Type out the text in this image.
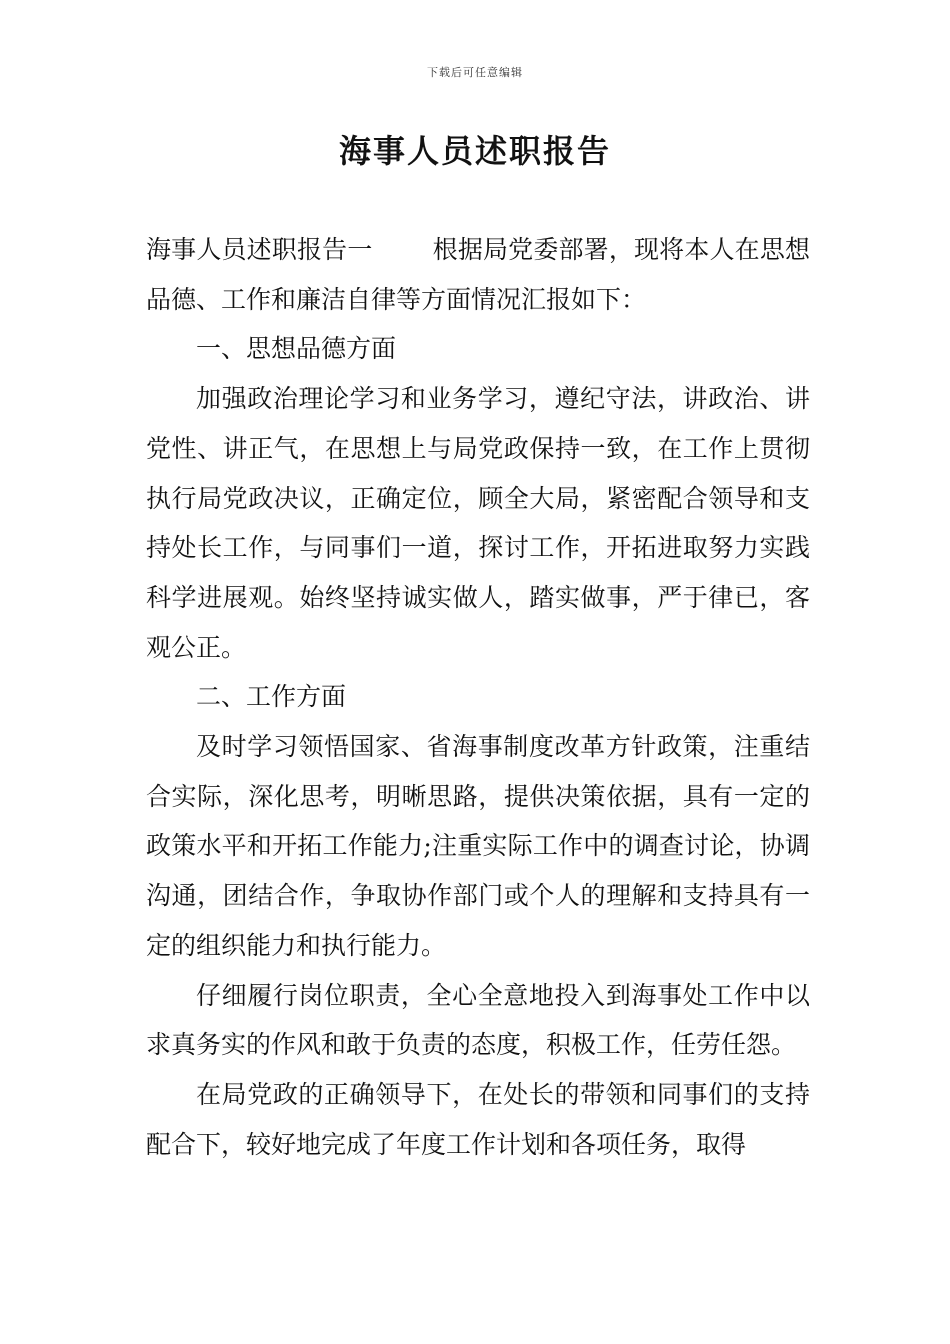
下载后可任意编辑
海事人员述职报告

海事人员述职报告一 根据局党委部署，现将本人在思想品德、工作和廉洁自律等方面情况汇报如下：

一、思想品德方面

加强政治理论学习和业务学习，遵纪守法，讲政治、讲党性、讲正气，在思想上与局党政保持一致，在工作上贯彻执行局党政决议，正确定位，顾全大局，紧密配合领导和支持处长工作，与同事们一道，探讨工作，开拓进取努力实践科学进展观。始终坚持诚实做人，踏实做事，严于律已，客观公正。

二、工作方面

及时学习领悟国家、省海事制度改革方针政策，注重结合实际，深化思考，明晰思路，提供决策依据，具有一定的政策水平和开拓工作能力;注重实际工作中的调查讨论，协调沟通，团结合作，争取协作部门或个人的理解和支持具有一定的组织能力和执行能力。

仔细履行岗位职责，全心全意地投入到海事处工作中以求真务实的作风和敢于负责的态度，积极工作，任劳任怨。

在局党政的正确领导下，在处长的带领和同事们的支持配合下，较好地完成了年度工作计划和各项任务，取得
